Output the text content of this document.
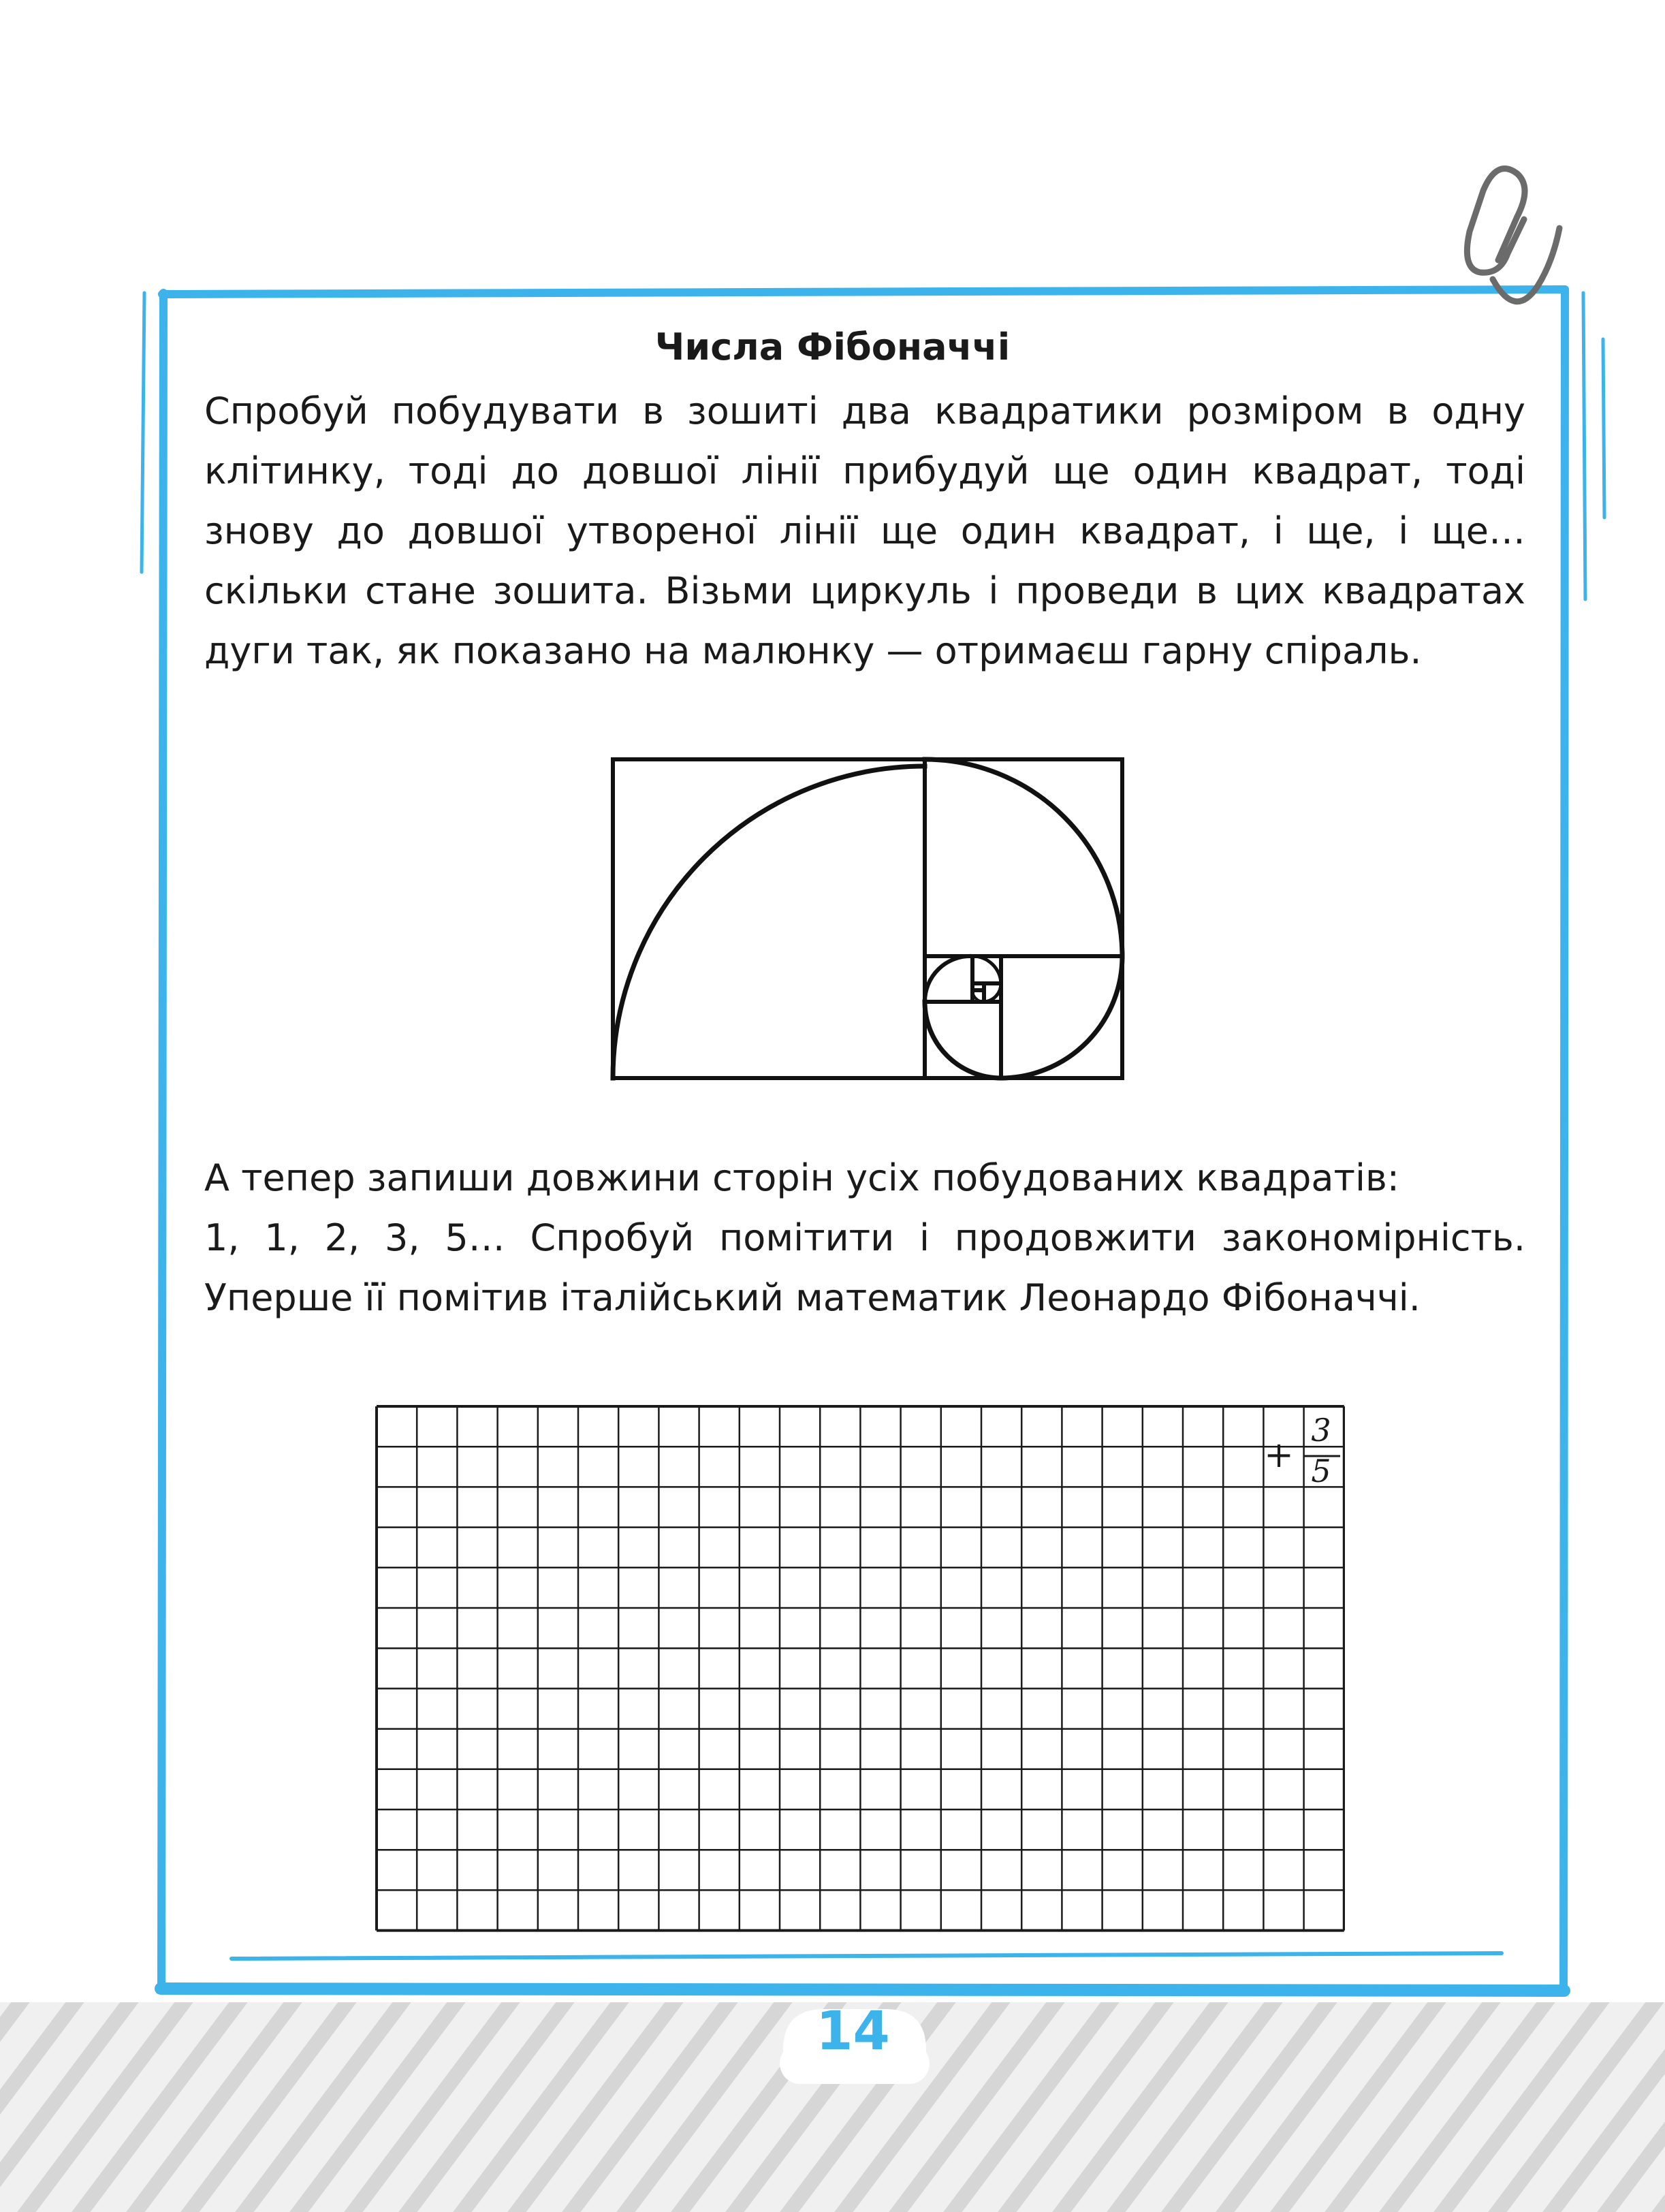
Числа Фібоначчі

Спробуй побудувати в зошиті два квадратики розміром в одну клітинку, тоді до довшої лінії прибудуй ще один квадрат, тоді знову до довшої утвореної лінії ще один квадрат, і ще, і ще… скільки стане зошита. Візьми циркуль і проведи в цих квадратах дуги так, як показано на малюнку — отримаєш гарну спіраль.

А тепер запиши довжини сторін усіх побудованих квадратів:

1, 1, 2, 3, 5… Спробуй помітити і продовжити закономірність. Уперше її помітив італійський математик Леонардо Фібоначчі.

+
3
5
14
